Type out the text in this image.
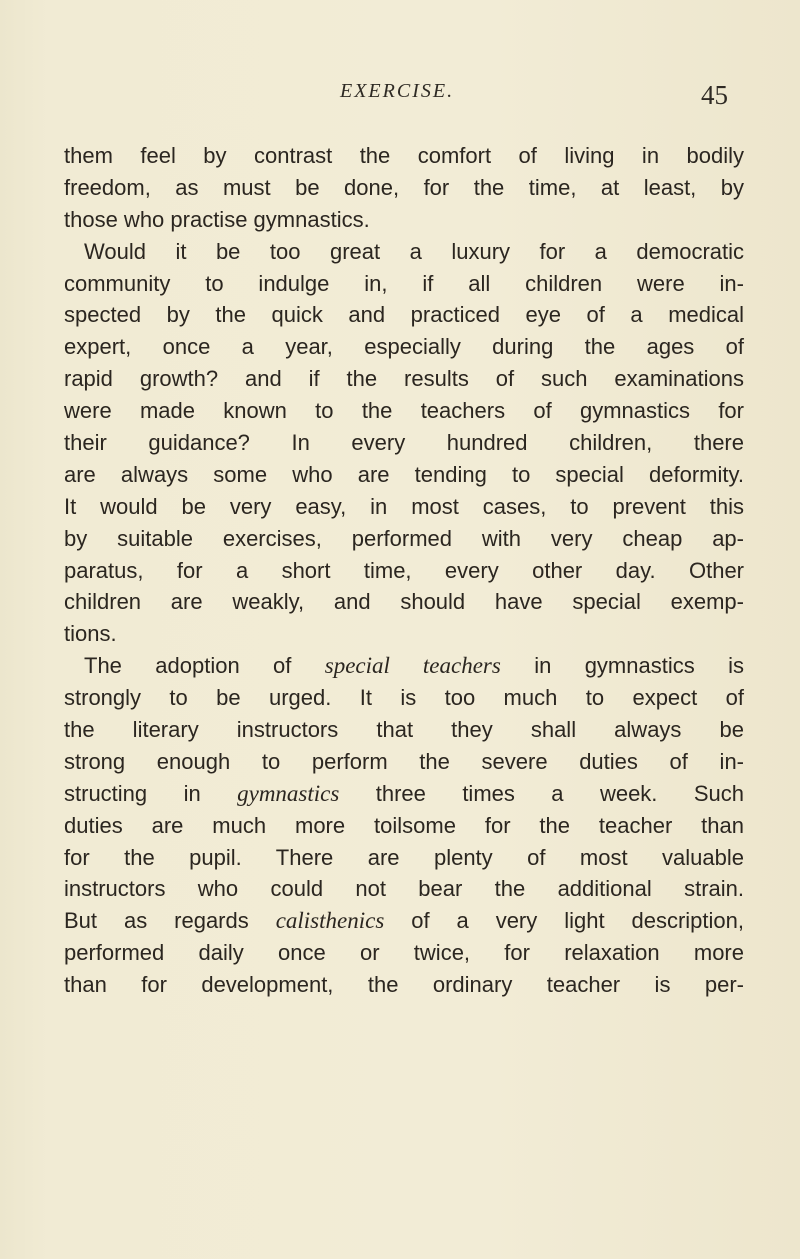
EXERCISE.	45
them feel by contrast the comfort of living in bodily
freedom, as must be done, for the time, at least, by
those who practise gymnastics.
Would it be too great a luxury for a democratic
community to indulge in, if all children were in-
spected by the quick and practiced eye of a medical
expert, once a year, especially during the ages of
rapid growth? and if the results of such examinations
were made known to the teachers of gymnastics for
their guidance? In every hundred children, there
are always some who are tending to special deformity.
It would be very easy, in most cases, to prevent this
by suitable exercises, performed with very cheap ap-
paratus, for a short time, every other day. Other
children are weakly, and should have special exemp-
tions.
The adoption of special teachers in gymnastics is
strongly to be urged. It is too much to expect of
the literary instructors that they shall always be
strong enough to perform the severe duties of in-
structing in gymnastics three times a week. Such
duties are much more toilsome for the teacher than
for the pupil. There are plenty of most valuable
instructors who could not bear the additional strain.
But as regards calisthenics of a very light description,
performed daily once or twice, for relaxation more
than for development, the ordinary teacher is per-
